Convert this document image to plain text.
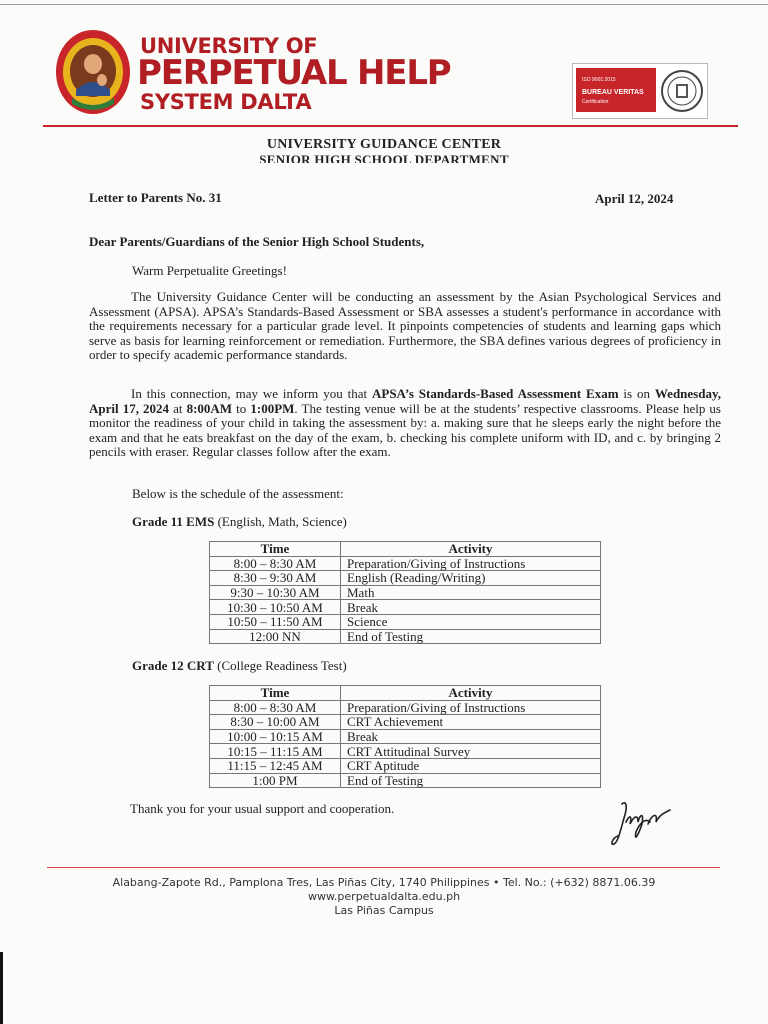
UNIVERSITY OF
PERPETUAL HELP
SYSTEM DALTA
ISO 9001:2015
BUREAU VERITAS
Certification
UNIVERSITY GUIDANCE CENTER
SENIOR HIGH SCHOOL DEPARTMENT
Letter to Parents No. 31	April 12, 2024
Dear Parents/Guardians of the Senior High School Students,
Warm Perpetualite Greetings!
The University Guidance Center will be conducting an assessment by the Asian Psychological Services and Assessment (APSA). APSA’s Standards-Based Assessment or SBA assesses a student's performance in accordance with the requirements necessary for a particular grade level. It pinpoints competencies of students and learning gaps which serve as basis for learning reinforcement or remediation. Furthermore, the SBA defines various degrees of proficiency in order to specify academic performance standards.
In this connection, may we inform you that APSA’s Standards-Based Assessment Exam is on Wednesday, April 17, 2024 at 8:00AM to 1:00PM. The testing venue will be at the students’ respective classrooms. Please help us monitor the readiness of your child in taking the assessment by: a. making sure that he sleeps early the night before the exam and that he eats breakfast on the day of the exam, b. checking his complete uniform with ID, and c. by bringing 2 pencils with eraser. Regular classes follow after the exam.
Below is the schedule of the assessment:
Grade 11 EMS (English, Math, Science)
Time	Activity
8:00 – 8:30 AM	Preparation/Giving of Instructions
8:30 – 9:30 AM	English (Reading/Writing)
9:30 – 10:30 AM	Math
10:30 – 10:50 AM	Break
10:50 – 11:50 AM	Science
12:00 NN	End of Testing
Grade 12 CRT (College Readiness Test)
Time	Activity
8:00 – 8:30 AM	Preparation/Giving of Instructions
8:30 – 10:00 AM	CRT Achievement
10:00 – 10:15 AM	Break
10:15 – 11:15 AM	CRT Attitudinal Survey
11:15 – 12:45 AM	CRT Aptitude
1:00 PM	End of Testing
Thank you for your usual support and cooperation.
Alabang-Zapote Rd., Pamplona Tres, Las Piñas City, 1740 Philippines • Tel. No.: (+632) 8871.06.39
www.perpetualdalta.edu.ph
Las Piñas Campus
